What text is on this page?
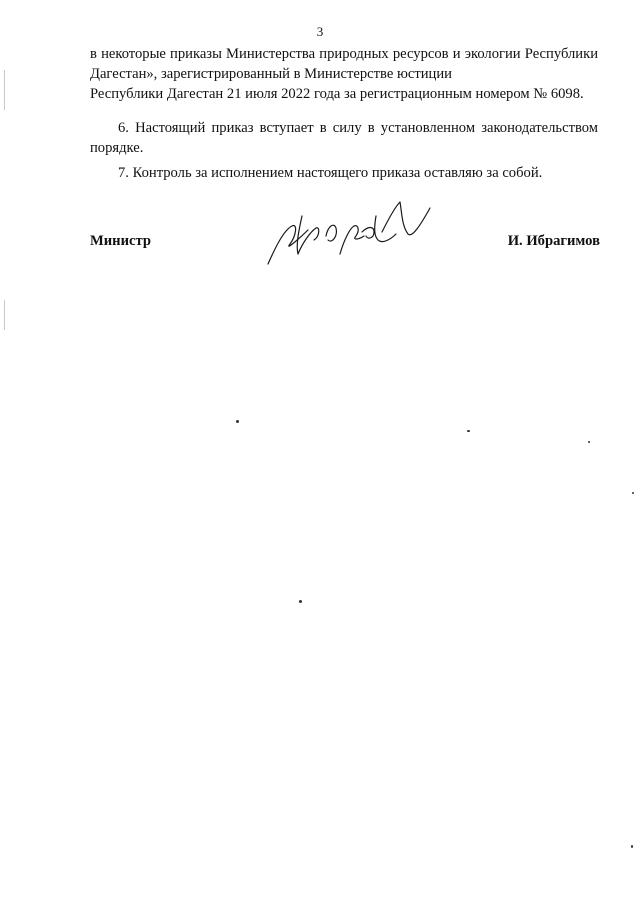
3
в некоторые приказы Министерства природных ресурсов и экологии Республики Дагестан», зарегистрированный в Министерстве юстиции
Республики Дагестан 21 июля 2022 года за регистрационным номером № 6098.
6. Настоящий приказ вступает в силу в установленном законодательством порядке.
7. Контроль за исполнением настоящего приказа оставляю за собой.
Министр	И. Ибрагимов
